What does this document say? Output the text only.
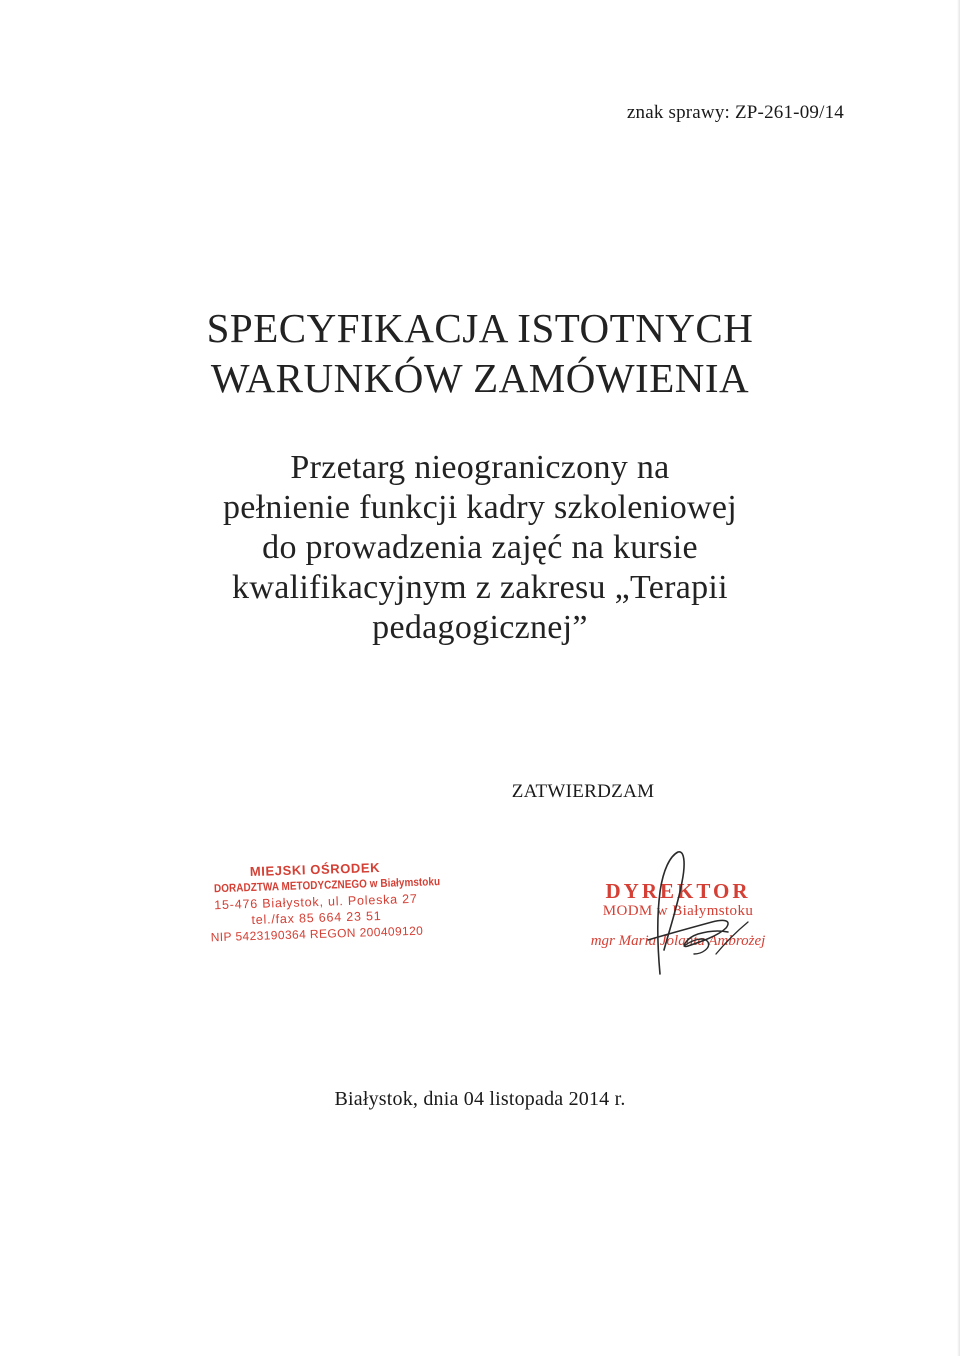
znak sprawy: ZP-261-09/14
SPECYFIKACJA ISTOTNYCH
WARUNKÓW ZAMÓWIENIA
Przetarg nieograniczony na
pełnienie funkcji kadry szkoleniowej
do prowadzenia zajęć na kursie
kwalifikacyjnym z zakresu „Terapii
pedagogicznej”
ZATWIERDZAM
MIEJSKI OŚRODEK
DORADZTWA METODYCZNEGO w Białymstoku
15-476 Białystok, ul. Poleska 27
tel./fax 85 664 23 51
NIP 5423190364 REGON 200409120
DYREKTOR
MODM w Białymstoku
mgr Maria Jolanta Ambrożej
Białystok, dnia 04 listopada 2014 r.
